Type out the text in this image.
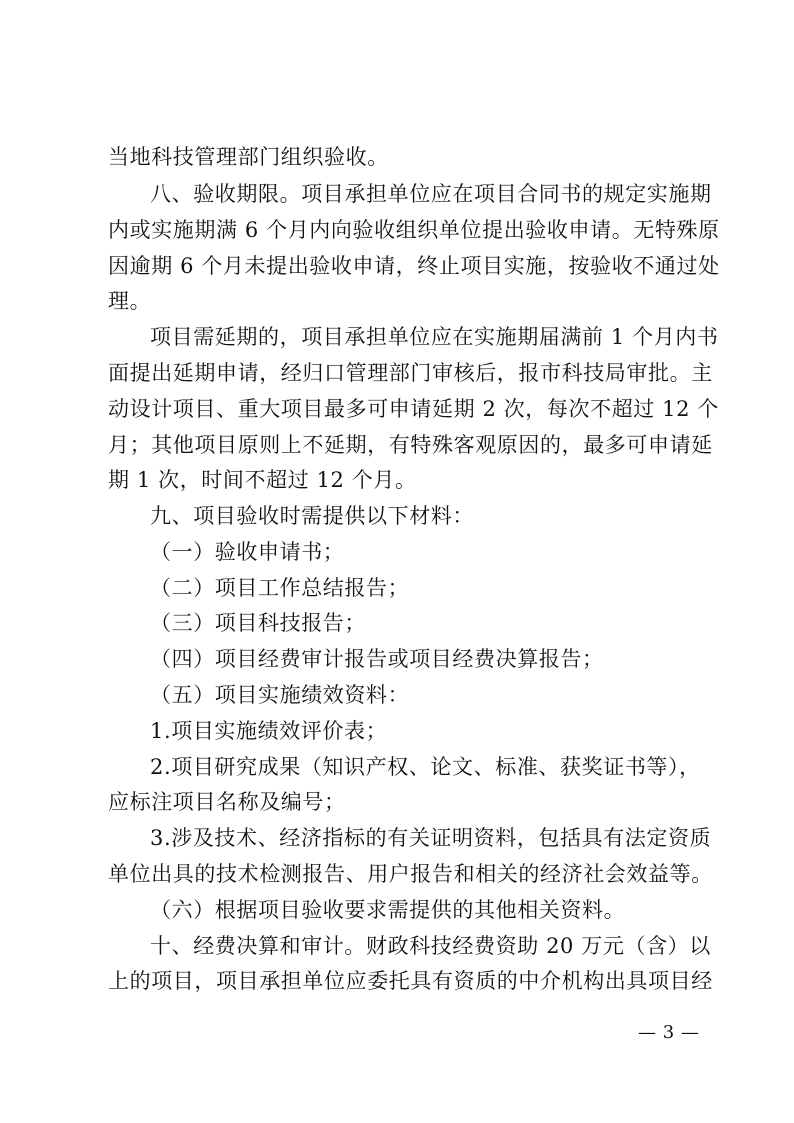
当地科技管理部门组织验收。
八、验收期限。项目承担单位应在项目合同书的规定实施期
内或实施期满 6 个月内向验收组织单位提出验收申请。无特殊原
因逾期 6 个月未提出验收申请，终止项目实施，按验收不通过处
理。
项目需延期的，项目承担单位应在实施期届满前 1 个月内书
面提出延期申请，经归口管理部门审核后，报市科技局审批。主
动设计项目、重大项目最多可申请延期 2 次，每次不超过 12 个
月；其他项目原则上不延期，有特殊客观原因的，最多可申请延
期 1 次，时间不超过 12 个月。
九、项目验收时需提供以下材料：
（一）验收申请书；
（二）项目工作总结报告；
（三）项目科技报告；
（四）项目经费审计报告或项目经费决算报告；
（五）项目实施绩效资料：
1.项目实施绩效评价表；
2.项目研究成果（知识产权、论文、标准、获奖证书等），
应标注项目名称及编号；
3.涉及技术、经济指标的有关证明资料，包括具有法定资质
单位出具的技术检测报告、用户报告和相关的经济社会效益等。
（六）根据项目验收要求需提供的其他相关资料。
十、经费决算和审计。财政科技经费资助 20 万元（含）以
上的项目，项目承担单位应委托具有资质的中介机构出具项目经
— 3 —
